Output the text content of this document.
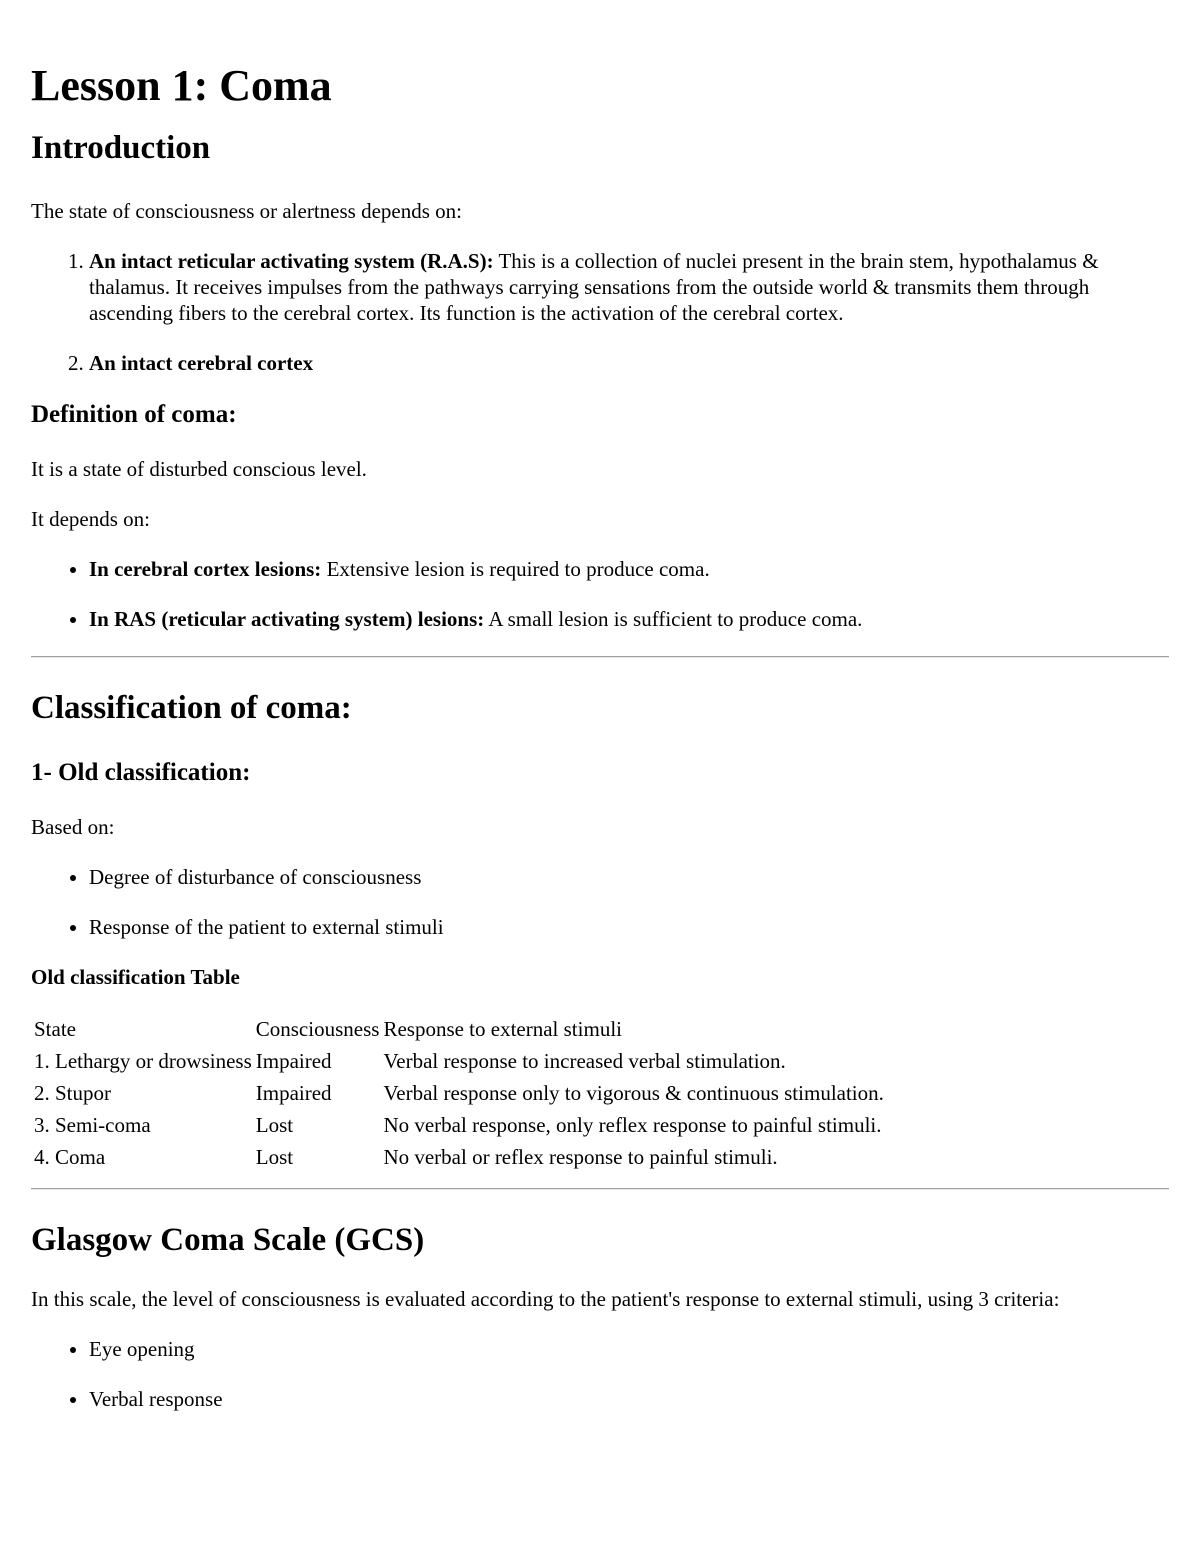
Lesson 1: Coma
Introduction

The state of consciousness or alertness depends on:

1. An intact reticular activating system (R.A.S): This is a collection of nuclei present in the brain stem, hypothalamus & thalamus. It receives impulses from the pathways carrying sensations from the outside world & transmits them through ascending fibers to the cerebral cortex. Its function is the activation of the cerebral cortex.
2. An intact cerebral cortex
Definition of coma:

It is a state of disturbed conscious level.

It depends on:

• In cerebral cortex lesions: Extensive lesion is required to produce coma.
• In RAS (reticular activating system) lesions: A small lesion is sufficient to produce coma.
Classification of coma:
1- Old classification:

Based on:

• Degree of disturbance of consciousness
• Response of the patient to external stimuli
Old classification Table
State	Consciousness	Response to external stimuli
1. Lethargy or drowsiness	Impaired	Verbal response to increased verbal stimulation.
2. Stupor	Impaired	Verbal response only to vigorous & continuous stimulation.
3. Semi-coma	Lost	No verbal response, only reflex response to painful stimuli.
4. Coma	Lost	No verbal or reflex response to painful stimuli.
Glasgow Coma Scale (GCS)

In this scale, the level of consciousness is evaluated according to the patient's response to external stimuli, using 3 criteria:

• Eye opening
• Verbal response
